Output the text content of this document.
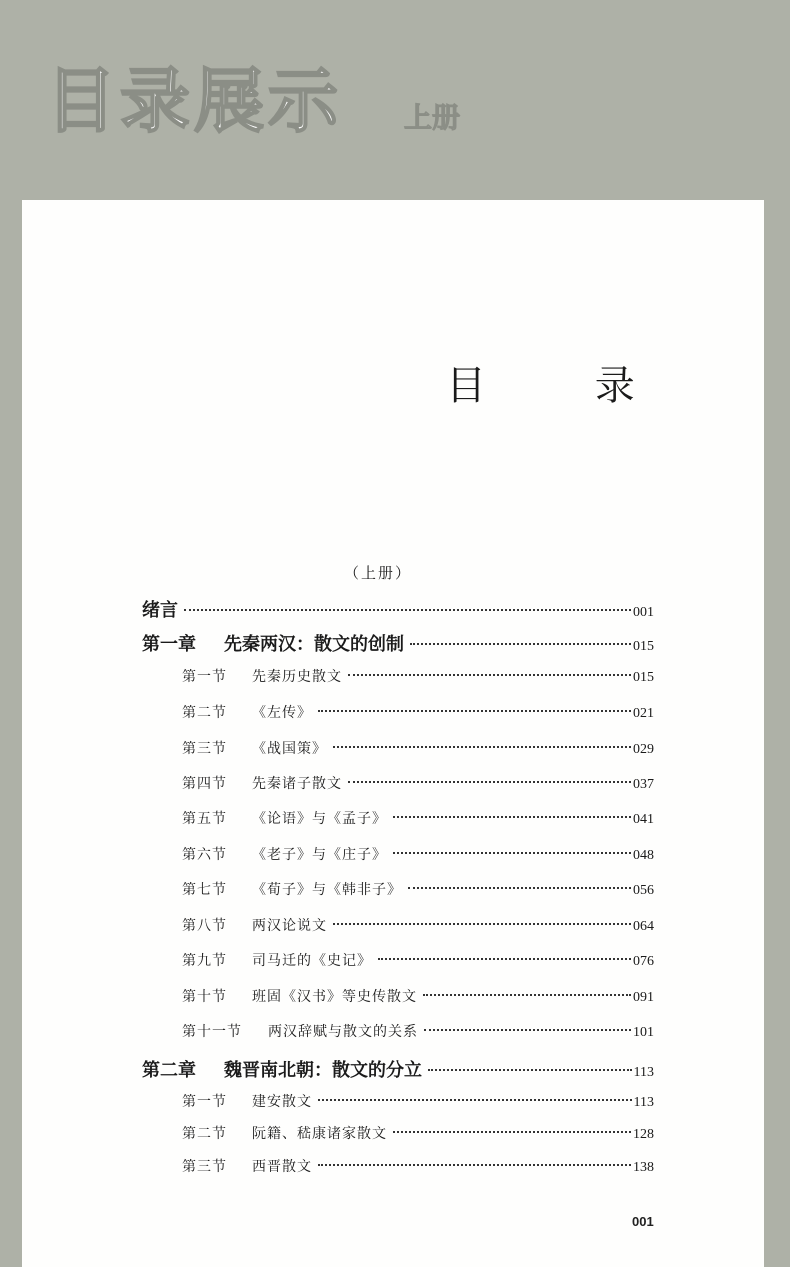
目录展示 上册
目 录
（上册）
绪言	001
第一章	先秦两汉：散文的创制	015
第一节	先秦历史散文	015
第二节	《左传》	021
第三节	《战国策》	029
第四节	先秦诸子散文	037
第五节	《论语》与《孟子》	041
第六节	《老子》与《庄子》	048
第七节	《荀子》与《韩非子》	056
第八节	两汉论说文	064
第九节	司马迁的《史记》	076
第十节	班固《汉书》等史传散文	091
第十一节	两汉辞赋与散文的关系	101
第二章	魏晋南北朝：散文的分立	113
第一节	建安散文	113
第二节	阮籍、嵇康诸家散文	128
第三节	西晋散文	138
001
